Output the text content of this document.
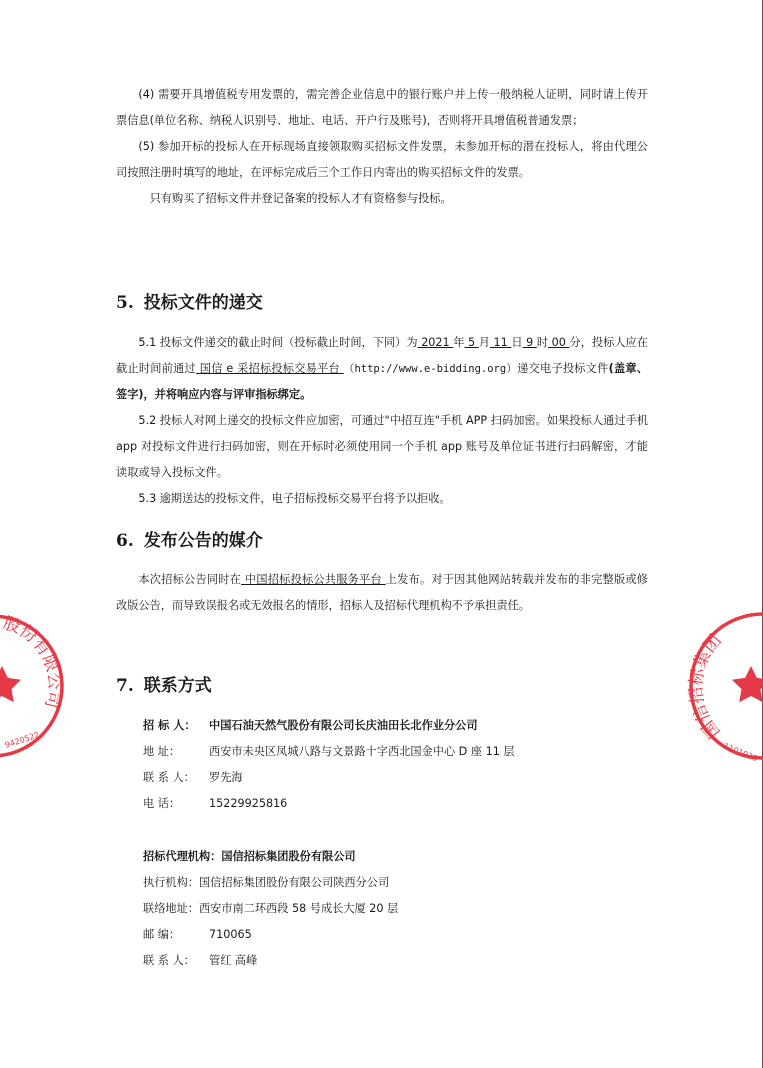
(4) 需要开具增值税专用发票的，需完善企业信息中的银行账户并上传一般纳税人证明，同时请上传开票信息(单位名称、纳税人识别号、地址、电话、开户行及账号)，否则将开具增值税普通发票；

(5) 参加开标的投标人在开标现场直接领取购买招标文件发票，未参加开标的潜在投标人，将由代理公司按照注册时填写的地址，在评标完成后三个工作日内寄出的购买招标文件的发票。

只有购买了招标文件并登记备案的投标人才有资格参与投标。

5. 投标文件的递交

5.1 投标文件递交的截止时间（投标截止时间，下同）为 2021 年 5 月 11 日 9 时 00 分，投标人应在截止时间前通过 国信 e 采招标投标交易平台 （http://www.e-bidding.org）递交电子投标文件(盖章、签字)，并将响应内容与评审指标绑定。

5.2 投标人对网上递交的投标文件应加密，可通过"中招互连"手机 APP 扫码加密。如果投标人通过手机 app 对投标文件进行扫码加密，则在开标时必须使用同一个手机 app 账号及单位证书进行扫码解密，才能读取或导入投标文件。

5.3 逾期送达的投标文件，电子招标投标交易平台将予以拒收。

6. 发布公告的媒介

本次招标公告同时在 中国招标投标公共服务平台 上发布。对于因其他网站转载并发布的非完整版或修改版公告，而导致误报名或无效报名的情形，招标人及招标代理机构不予承担责任。

7. 联系方式
招 标 人： 中国石油天然气股份有限公司长庆油田长北作业分公司
地 址：	西安市未央区凤城八路与文景路十字西北国金中心 D 座 11 层
联 系 人： 罗先海
电 话：	15229925816
招标代理机构：国信招标集团股份有限公司
执行机构：国信招标集团股份有限公司陕西分公司
联络地址：西安市南二环西段 58 号成长大厦 20 层
邮 编：	710065
联 系 人： 管红 高峰
股份有限公司
9420522	国信招标集团
1101020
